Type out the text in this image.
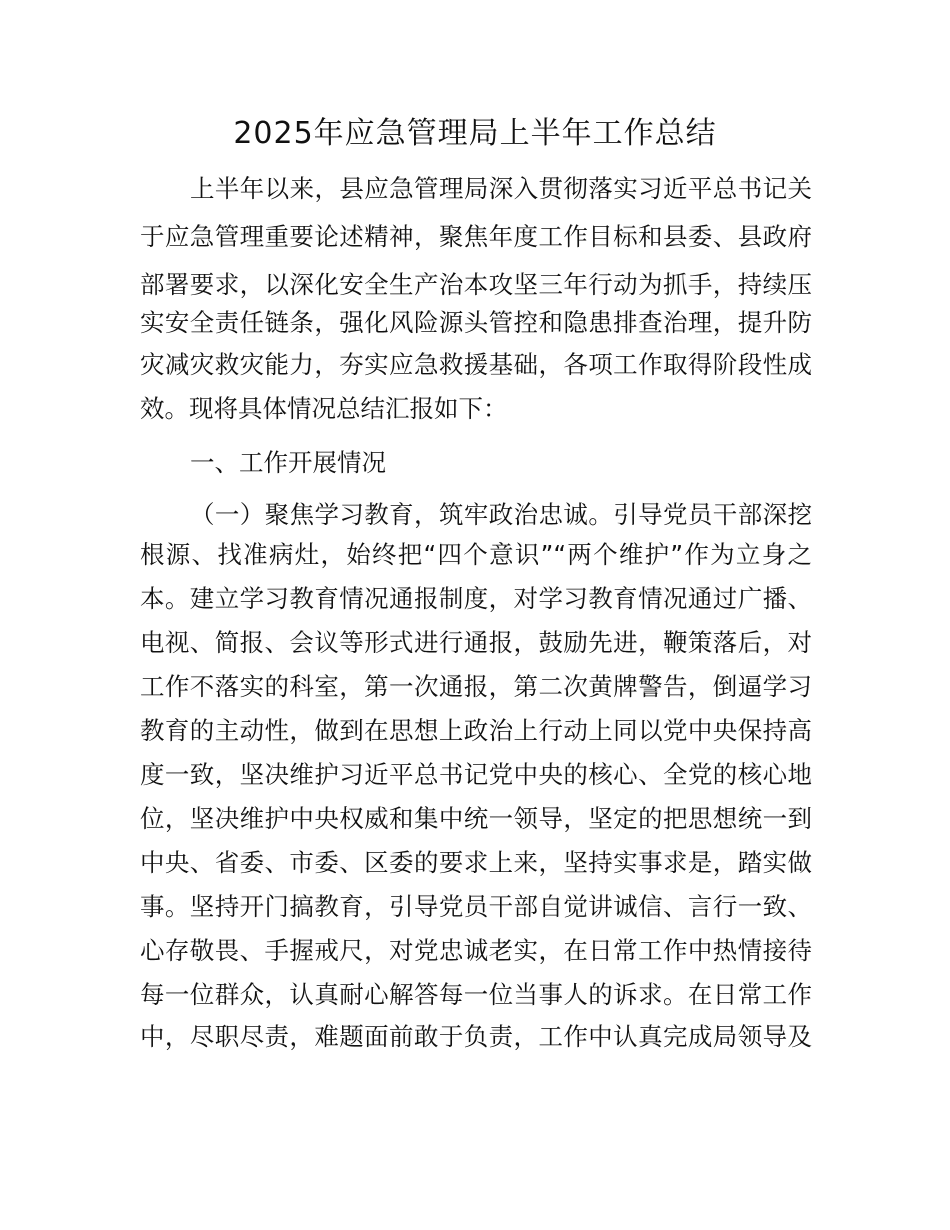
2025年应急管理局上半年工作总结
上半年以来，县应急管理局深入贯彻落实习近平总书记关
于应急管理重要论述精神，聚焦年度工作目标和县委、县政府
部署要求，以深化安全生产治本攻坚三年行动为抓手，持续压
实安全责任链条，强化风险源头管控和隐患排查治理，提升防
灾减灾救灾能力，夯实应急救援基础，各项工作取得阶段性成
效。现将具体情况总结汇报如下：
一、工作开展情况
（一）聚焦学习教育，筑牢政治忠诚。引导党员干部深挖
根源、找准病灶，始终把“四个意识”“两个维护”作为立身之
本。建立学习教育情况通报制度，对学习教育情况通过广播、
电视、简报、会议等形式进行通报，鼓励先进，鞭策落后，对
工作不落实的科室，第一次通报，第二次黄牌警告，倒逼学习
教育的主动性，做到在思想上政治上行动上同以党中央保持高
度一致，坚决维护习近平总书记党中央的核心、全党的核心地
位，坚决维护中央权威和集中统一领导，坚定的把思想统一到
中央、省委、市委、区委的要求上来，坚持实事求是，踏实做
事。坚持开门搞教育，引导党员干部自觉讲诚信、言行一致、
心存敬畏、手握戒尺，对党忠诚老实，在日常工作中热情接待
每一位群众，认真耐心解答每一位当事人的诉求。在日常工作
中，尽职尽责，难题面前敢于负责，工作中认真完成局领导及
